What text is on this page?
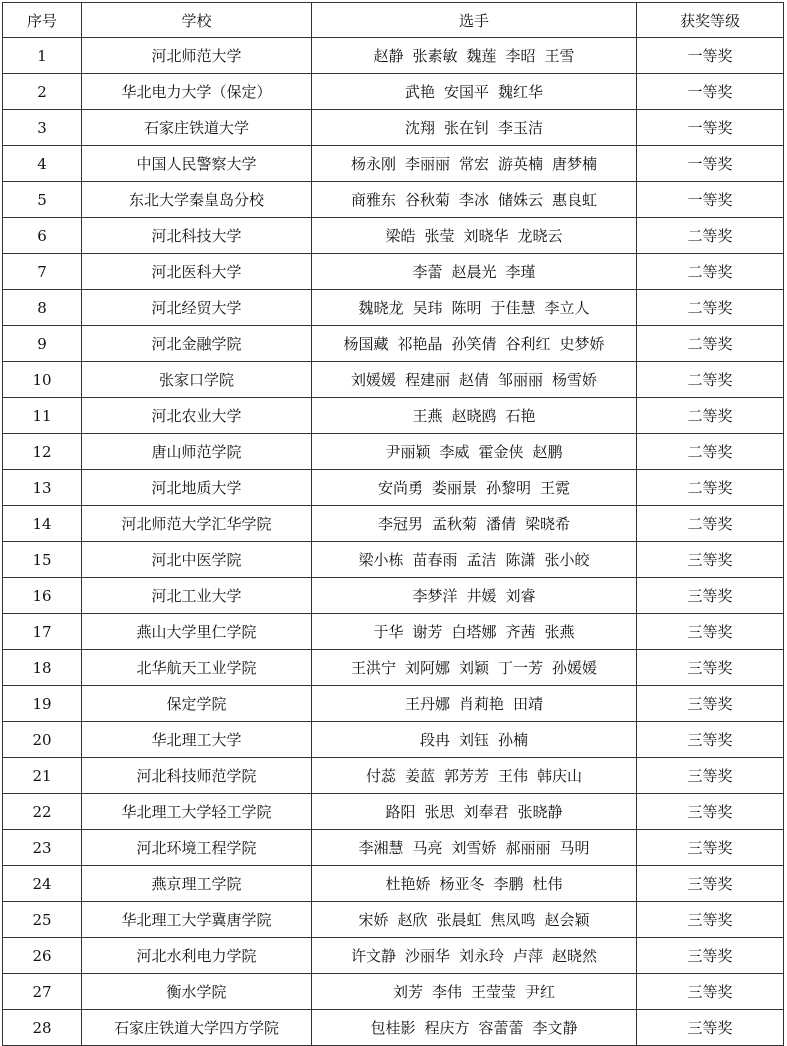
序号	学校	选手	获奖等级
1	河北师范大学	赵静 张素敏 魏莲 李昭 王雪	一等奖
2	华北电力大学（保定）	武艳 安国平 魏红华	一等奖
3	石家庄铁道大学	沈翔 张在钊 李玉洁	一等奖
4	中国人民警察大学	杨永刚 李丽丽 常宏 游英楠 唐梦楠	一等奖
5	东北大学秦皇岛分校	商雅东 谷秋菊 李冰 储姝云 惠良虹	一等奖
6	河北科技大学	梁皓 张莹 刘晓华 龙晓云	二等奖
7	河北医科大学	李蕾 赵晨光 李瑾	二等奖
8	河北经贸大学	魏晓龙 吴玮 陈明 于佳慧 李立人	二等奖
9	河北金融学院	杨国藏 祁艳晶 孙笑倩 谷利红 史梦娇	二等奖
10	张家口学院	刘媛媛 程建丽 赵倩 邹丽丽 杨雪娇	二等奖
11	河北农业大学	王燕 赵晓鸥 石艳	二等奖
12	唐山师范学院	尹丽颖 李威 霍金侠 赵鹏	二等奖
13	河北地质大学	安尚勇 娄丽景 孙黎明 王霓	二等奖
14	河北师范大学汇华学院	李冠男 孟秋菊 潘倩 梁晓希	二等奖
15	河北中医学院	梁小栋 苗春雨 孟洁 陈潇 张小皎	三等奖
16	河北工业大学	李梦洋 井媛 刘睿	三等奖
17	燕山大学里仁学院	于华 谢芳 白塔娜 齐茜 张燕	三等奖
18	北华航天工业学院	王洪宁 刘阿娜 刘颖 丁一芳 孙媛媛	三等奖
19	保定学院	王丹娜 肖莉艳 田靖	三等奖
20	华北理工大学	段冉 刘钰 孙楠	三等奖
21	河北科技师范学院	付蕊 姜蓝 郭芳芳 王伟 韩庆山	三等奖
22	华北理工大学轻工学院	路阳 张思 刘奉君 张晓静	三等奖
23	河北环境工程学院	李湘慧 马亮 刘雪娇 郝丽丽 马明	三等奖
24	燕京理工学院	杜艳娇 杨亚冬 李鹏 杜伟	三等奖
25	华北理工大学冀唐学院	宋娇 赵欣 张晨虹 焦凤鸣 赵会颖	三等奖
26	河北水利电力学院	许文静 沙丽华 刘永玲 卢萍 赵晓然	三等奖
27	衡水学院	刘芳 李伟 王莹莹 尹红	三等奖
28	石家庄铁道大学四方学院	包桂影 程庆方 容蕾蕾 李文静	三等奖
